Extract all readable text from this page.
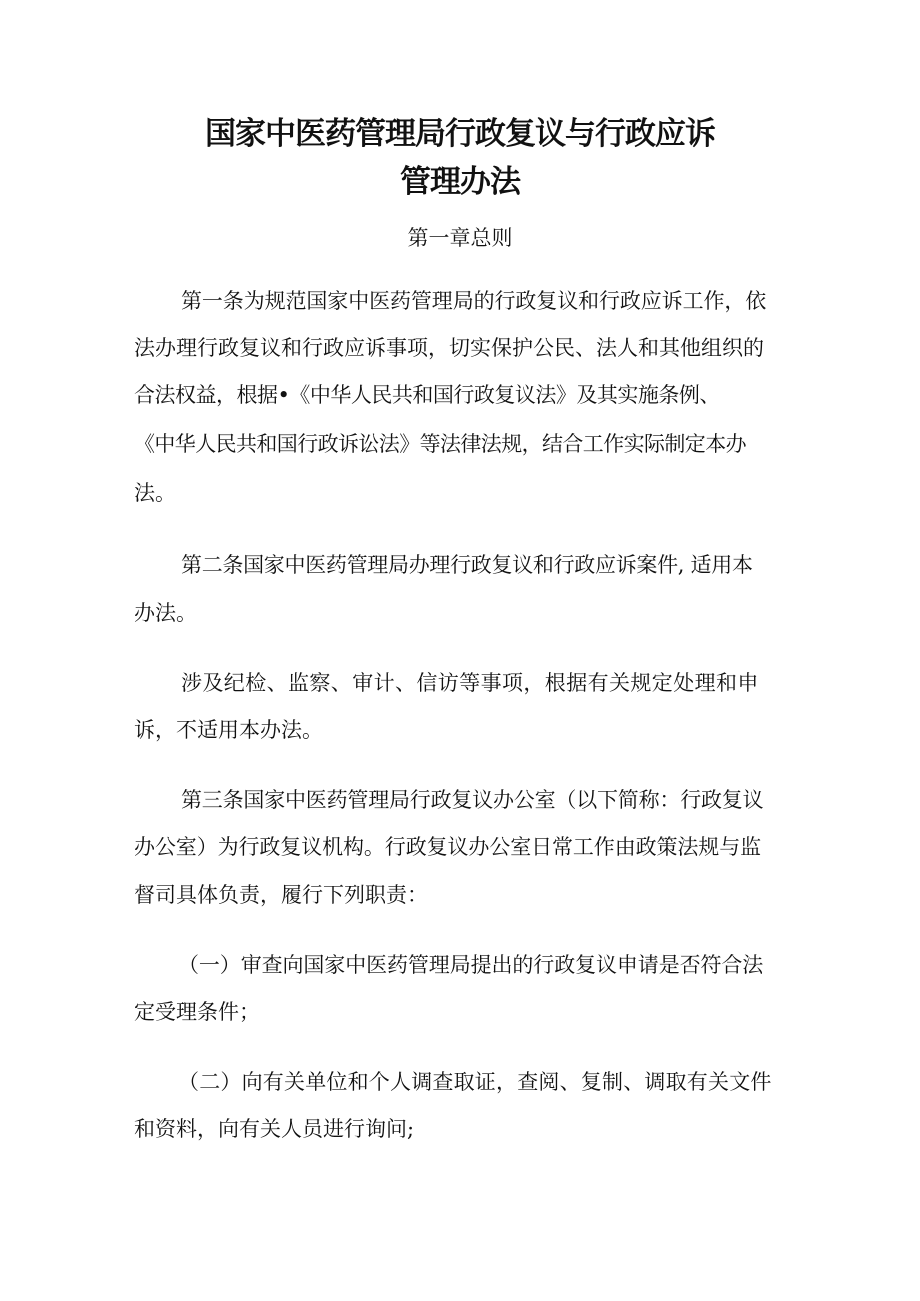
国家中医药管理局行政复议与行政应诉
管理办法
第一章总则
第一条为规范国家中医药管理局的行政复议和行政应诉工作，依
法办理行政复议和行政应诉事项，切实保护公民、法人和其他组织的
合法权益，根据•《中华人民共和国行政复议法》及其实施条例、
《中华人民共和国行政诉讼法》等法律法规，结合工作实际制定本办
法。
第二条国家中医药管理局办理行政复议和行政应诉案件, 适用本
办法。
涉及纪检、监察、审计、信访等事项，根据有关规定处理和申
诉，不适用本办法。
第三条国家中医药管理局行政复议办公室（以下简称：行政复议
办公室）为行政复议机构。行政复议办公室日常工作由政策法规与监
督司具体负责，履行下列职责：
（一）审查向国家中医药管理局提出的行政复议申请是否符合法
定受理条件；
（二）向有关单位和个人调查取证，查阅、复制、调取有关文件
和资料，向有关人员进行询问;
